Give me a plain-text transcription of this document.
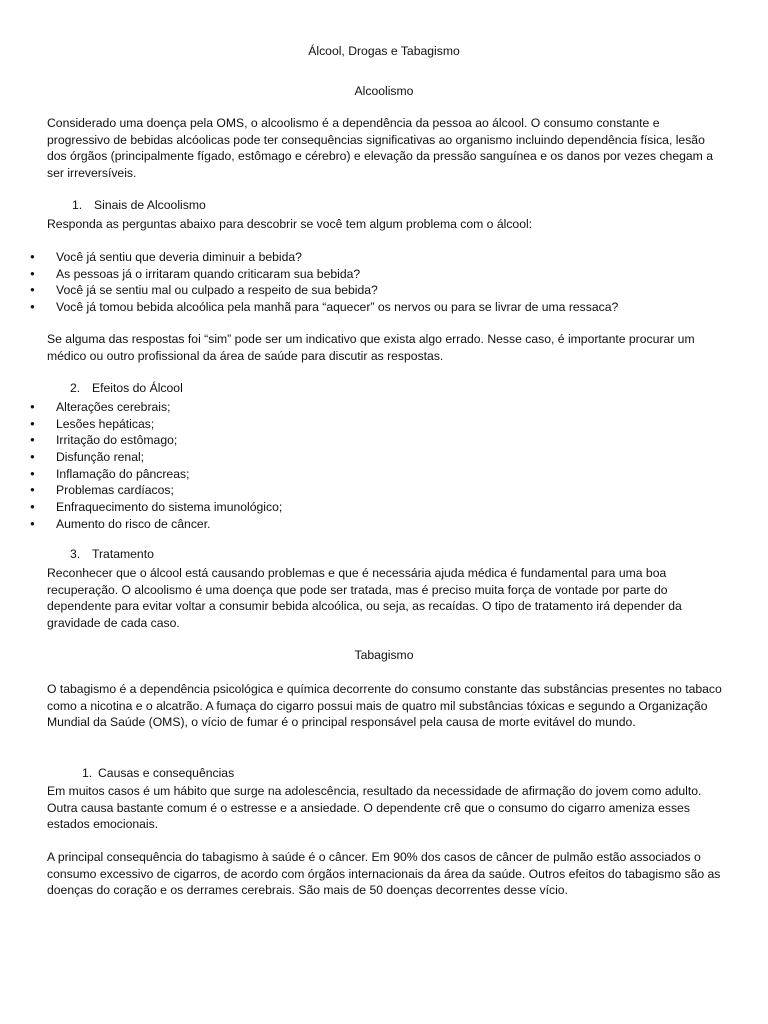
Álcool, Drogas e Tabagismo
Alcoolismo

Considerado uma doença pela OMS, o alcoolismo é a dependência da pessoa ao álcool. O consumo constante e progressivo de bebidas alcóolicas pode ter consequências significativas ao organismo incluindo dependência física, lesão dos órgãos (principalmente fígado, estômago e cérebro) e elevação da pressão sanguínea e os danos por vezes chegam a ser irreversíveis.

1. Sinais de Alcoolismo

Responda as perguntas abaixo para descobrir se você tem algum problema com o álcool:

● Você já sentiu que deveria diminuir a bebida?
● As pessoas já o irritaram quando criticaram sua bebida?
● Você já se sentiu mal ou culpado a respeito de sua bebida?
● Você já tomou bebida alcoólica pela manhã para “aquecer” os nervos ou para se livrar de uma ressaca?

Se alguma das respostas foi “sim” pode ser um indicativo que exista algo errado. Nesse caso, é importante procurar um médico ou outro profissional da área de saúde para discutir as respostas.

2. Efeitos do Álcool
● Alterações cerebrais;
● Lesões hepáticas;
● Irritação do estômago;
● Disfunção renal;
● Inflamação do pâncreas;
● Problemas cardíacos;
● Enfraquecimento do sistema imunológico;
● Aumento do risco de câncer.
3. Tratamento

Reconhecer que o álcool está causando problemas e que é necessária ajuda médica é fundamental para uma boa recuperação. O alcoolismo é uma doença que pode ser tratada, mas é preciso muita força de vontade por parte do dependente para evitar voltar a consumir bebida alcoólica, ou seja, as recaídas. O tipo de tratamento irá depender da gravidade de cada caso.

Tabagismo

O tabagismo é a dependência psicológica e química decorrente do consumo constante das substâncias presentes no tabaco como a nicotina e o alcatrão. A fumaça do cigarro possui mais de quatro mil substâncias tóxicas e segundo a Organização Mundial da Saúde (OMS), o vício de fumar é o principal responsável pela causa de morte evitável do mundo.

1. Causas e consequências

Em muitos casos é um hábito que surge na adolescência, resultado da necessidade de afirmação do jovem como adulto. Outra causa bastante comum é o estresse e a ansiedade. O dependente crê que o consumo do cigarro ameniza esses estados emocionais.

A principal consequência do tabagismo à saúde é o câncer. Em 90% dos casos de câncer de pulmão estão associados o consumo excessivo de cigarros, de acordo com órgãos internacionais da área da saúde. Outros efeitos do tabagismo são as doenças do coração e os derrames cerebrais. São mais de 50 doenças decorrentes desse vício.
